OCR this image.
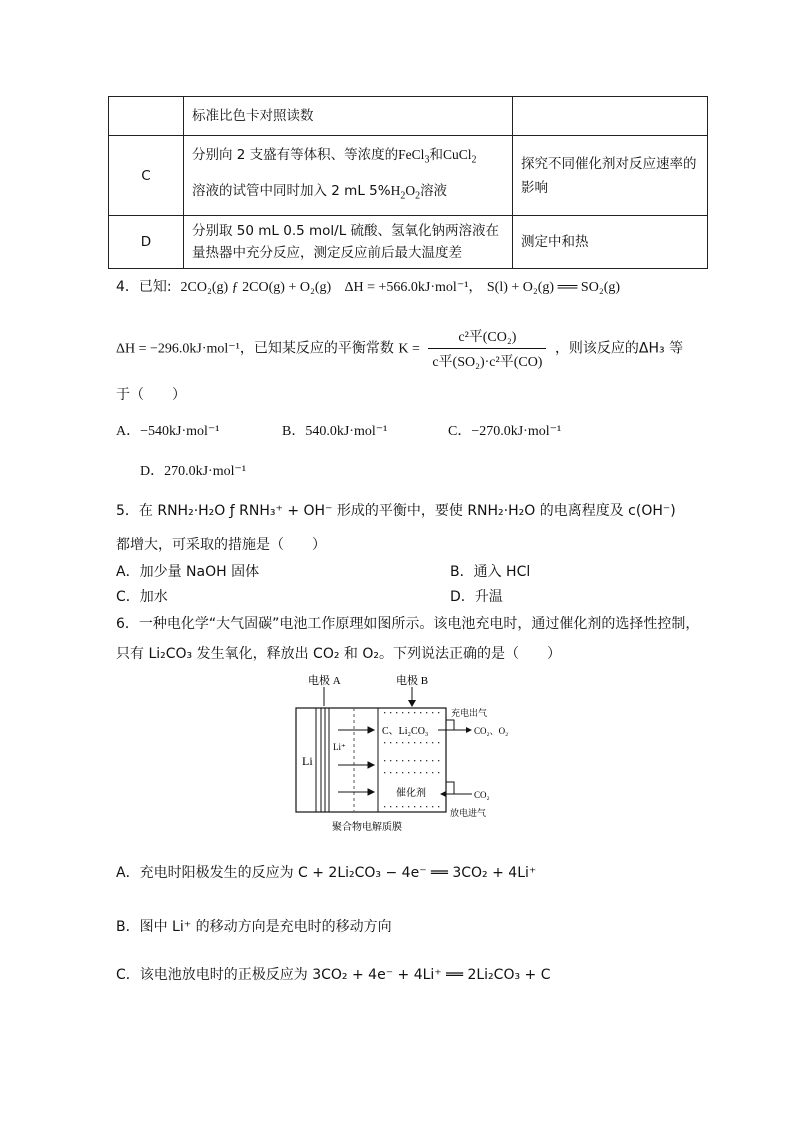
	标准比色卡对照读数	
C	分别向 2 支盛有等体积、等浓度的FeCl$_3$和CuCl$_2$
溶液的试管中同时加入 2 mL $5\%H_2O_2$溶液	探究不同催化剂对反应速率的影响
D	分别取 50 mL 0.5 mol/L 硫酸、氢氧化钠两溶液在量热器中充分反应，测定反应前后最大温度差	测定中和热
4．已知: 2CO₂(g) ƒ 2CO(g) + O₂(g) ΔH = +566.0kJ·mol⁻¹， S(l) + O₂(g) ══ SO₂(g)
ΔH = −296.0kJ·mol⁻¹，已知某反应的平衡常数 $K = \frac{\text{c²平(CO₂)}}{\text{c平(SO₂)·c²平(CO)}}$ ，则该反应的ΔH₃ 等
于（　　）
A．−540kJ·mol⁻¹	B．540.0kJ·mol⁻¹	C．−270.0kJ·mol⁻¹
D．270.0kJ·mol⁻¹
5．在 RNH₂·H₂O ƒ RNH₃⁺ + OH⁻ 形成的平衡中，要使 RNH₂·H₂O 的电离程度及 c(OH⁻)
都增大，可采取的措施是（　　）
A．加少量 NaOH 固体	B．通入 HCl
C．加水	D．升温
6．一种电化学“大气固碳”电池工作原理如图所示。该电池充电时，通过催化剂的选择性控制，
只有 Li₂CO₃ 发生氧化，释放出 CO₂ 和 O₂。下列说法正确的是（　　）
电极 A	电极 B
Li
Li⁺
C、Li₂CO₃
催化剂
充电出气
CO₂、O₂
CO₂
放电进气
聚合物电解质膜
A．充电时阳极发生的反应为 C + 2Li₂CO₃ − 4e⁻ ══ 3CO₂ + 4Li⁺
B．图中 Li⁺ 的移动方向是充电时的移动方向
C．该电池放电时的正极反应为 3CO₂ + 4e⁻ + 4Li⁺ ══ 2Li₂CO₃ + C
